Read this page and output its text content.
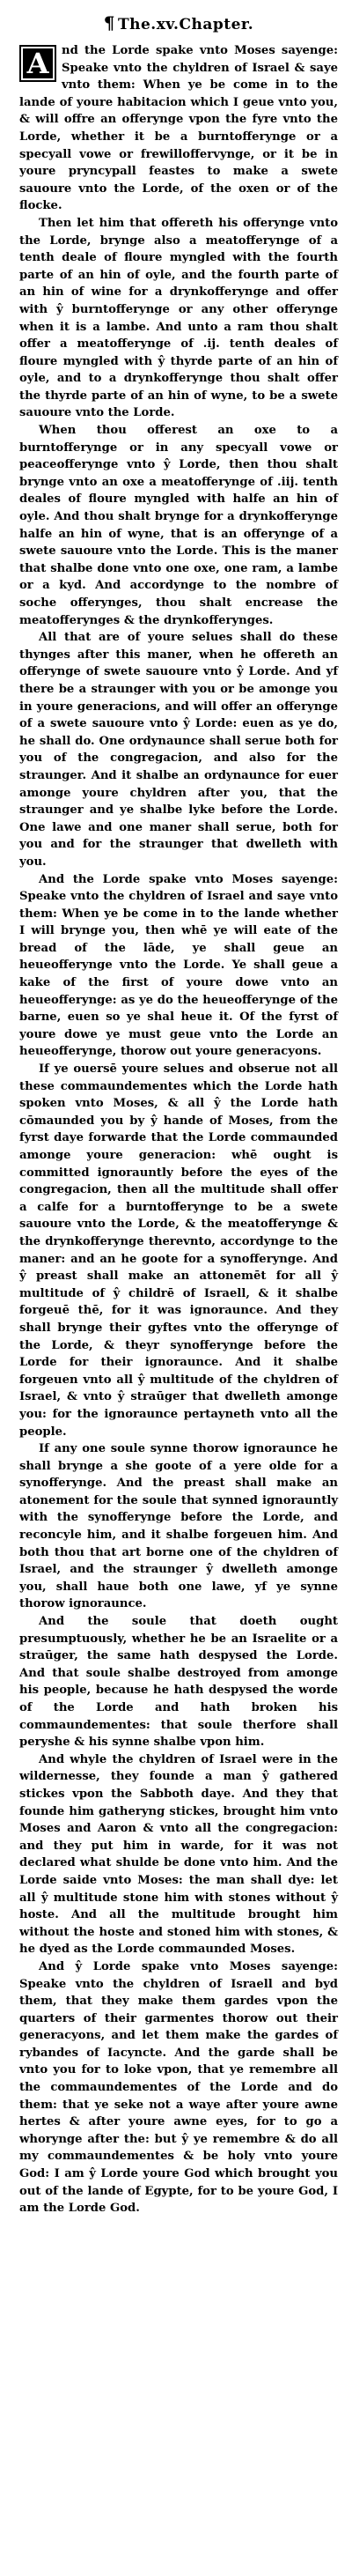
¶ The.xv.Chapter.

A	nd the Lorde spake vnto Moses sayenge: Speake vnto the chyldren of Israel & saye vnto them: When ye be come in to the lande of youre habitacion which I geue vnto you, & will offre an offerynge vpon the fyre vnto the Lorde, whether it be a burntofferynge or a specyall vowe or frewilloffervynge, or it be in youre pryncypall feastes to make a swete sauoure vnto the Lorde, of the oxen or of the flocke.

Then let him that offereth his offerynge vnto the Lorde, brynge also a meatofferynge of a tenth deale of floure myngled with the fourth parte of an hin of oyle, and the fourth parte of an hin of wine for a drynkofferynge and offer with ŷ burntofferynge or any other offerynge when it is a lambe. And unto a ram thou shalt offer a meatofferynge of .ij. tenth deales of floure myngled with ŷ thyrde parte of an hin of oyle, and to a drynkofferynge thou shalt offer the thyrde parte of an hin of wyne, to be a swete sauoure vnto the Lorde.

When thou offerest an oxe to a burntofferynge or in any specyall vowe or peaceofferynge vnto ŷ Lorde, then thou shalt brynge vnto an oxe a meatofferynge of .iij. tenth deales of floure myngled with halfe an hin of oyle. And thou shalt brynge for a drynkofferynge halfe an hin of wyne, that is an offerynge of a swete sauoure vnto the Lorde. This is the maner that shalbe done vnto one oxe, one ram, a lambe or a kyd. And accordynge to the nombre of soche offerynges, thou shalt encrease the meatofferynges & the drynkofferynges.

All that are of youre selues shall do these thynges after this maner, when he offereth an offerynge of swete sauoure vnto ŷ Lorde. And yf there be a straunger with you or be amonge you in youre generacions, and will offer an offerynge of a swete sauoure vnto ŷ Lorde: euen as ye do, he shall do. One ordynaunce shall serue both for you of the congregacion, and also for the straunger. And it shalbe an ordynaunce for euer amonge youre chyldren after you, that the straunger and ye shalbe lyke before the Lorde. One lawe and one maner shall serue, both for you and for the straunger that dwelleth with you.

And the Lorde spake vnto Moses sayenge: Speake vnto the chyldren of Israel and saye vnto them: When ye be come in to the lande whether I will brynge you, then whē ye will eate of the bread of the lāde, ye shall geue an heueofferynge vnto the Lorde. Ye shall geue a kake of the first of youre dowe vnto an heueofferynge: as ye do the heueofferynge of the barne, euen so ye shal heue it. Of the fyrst of youre dowe ye must geue vnto the Lorde an heueofferynge, thorow out youre generacyons.

If ye ouersē youre selues and obserue not all these commaundementes which the Lorde hath spoken vnto Moses, & all ŷ the Lorde hath cōmaunded you by ŷ hande of Moses, from the fyrst daye forwarde that the Lorde commaunded amonge youre generacion: whē ought is committed ignorauntly before the eyes of the congregacion, then all the multitude shall offer a calfe for a burntofferynge to be a swete sauoure vnto the Lorde, & the meatofferynge & the drynkofferynge therevnto, accordynge to the maner: and an he goote for a synofferynge. And ŷ preast shall make an attonemēt for all ŷ multitude of ŷ childrē of Israell, & it shalbe forgeuē thē, for it was ignoraunce. And they shall brynge their gyftes vnto the offerynge of the Lorde, & theyr synofferynge before the Lorde for their ignoraunce. And it shalbe forgeuen vnto all ŷ multitude of the chyldren of Israel, & vnto ŷ straūger that dwelleth amonge you: for the ignoraunce pertayneth vnto all the people.

If any one soule synne thorow ignoraunce he shall brynge a she goote of a yere olde for a synofferynge. And the preast shall make an atonement for the soule that synned ignorauntly with the synofferynge before the Lorde, and reconcyle him, and it shalbe forgeuen him. And both thou that art borne one of the chyldren of Israel, and the straunger ŷ dwelleth amonge you, shall haue both one lawe, yf ye synne thorow ignoraunce.

And the soule that doeth ought presumptuously, whether he be an Israelite or a straūger, the same hath despysed the Lorde. And that soule shalbe destroyed from amonge his people, because he hath despysed the worde of the Lorde and hath broken his commaundementes: that soule therfore shall peryshe & his synne shalbe vpon him.

And whyle the chyldren of Israel were in the wildernesse, they founde a man ŷ gathered stickes vpon the Sabboth daye. And they that founde him gatheryng stickes, brought him vnto Moses and Aaron & vnto all the congregacion: and they put him in warde, for it was not declared what shulde be done vnto him. And the Lorde saide vnto Moses: the man shall dye: let all ŷ multitude stone him with stones without ŷ hoste. And all the multitude brought him without the hoste and stoned him with stones, & he dyed as the Lorde commaunded Moses.

And ŷ Lorde spake vnto Moses sayenge: Speake vnto the chyldren of Israell and byd them, that they make them gardes vpon the quarters of their garmentes thorow out their generacyons, and let them make the gardes of rybandes of Iacyncte. And the garde shall be vnto you for to loke vpon, that ye remembre all the commaundementes of the Lorde and do them: that ye seke not a waye after youre awne hertes & after youre awne eyes, for to go a whorynge after the: but ŷ ye remembre & do all my commaundementes & be holy vnto youre God: I am ŷ Lorde youre God which brought you out of the lande of Egypte, for to be youre God, I am the Lorde God.
